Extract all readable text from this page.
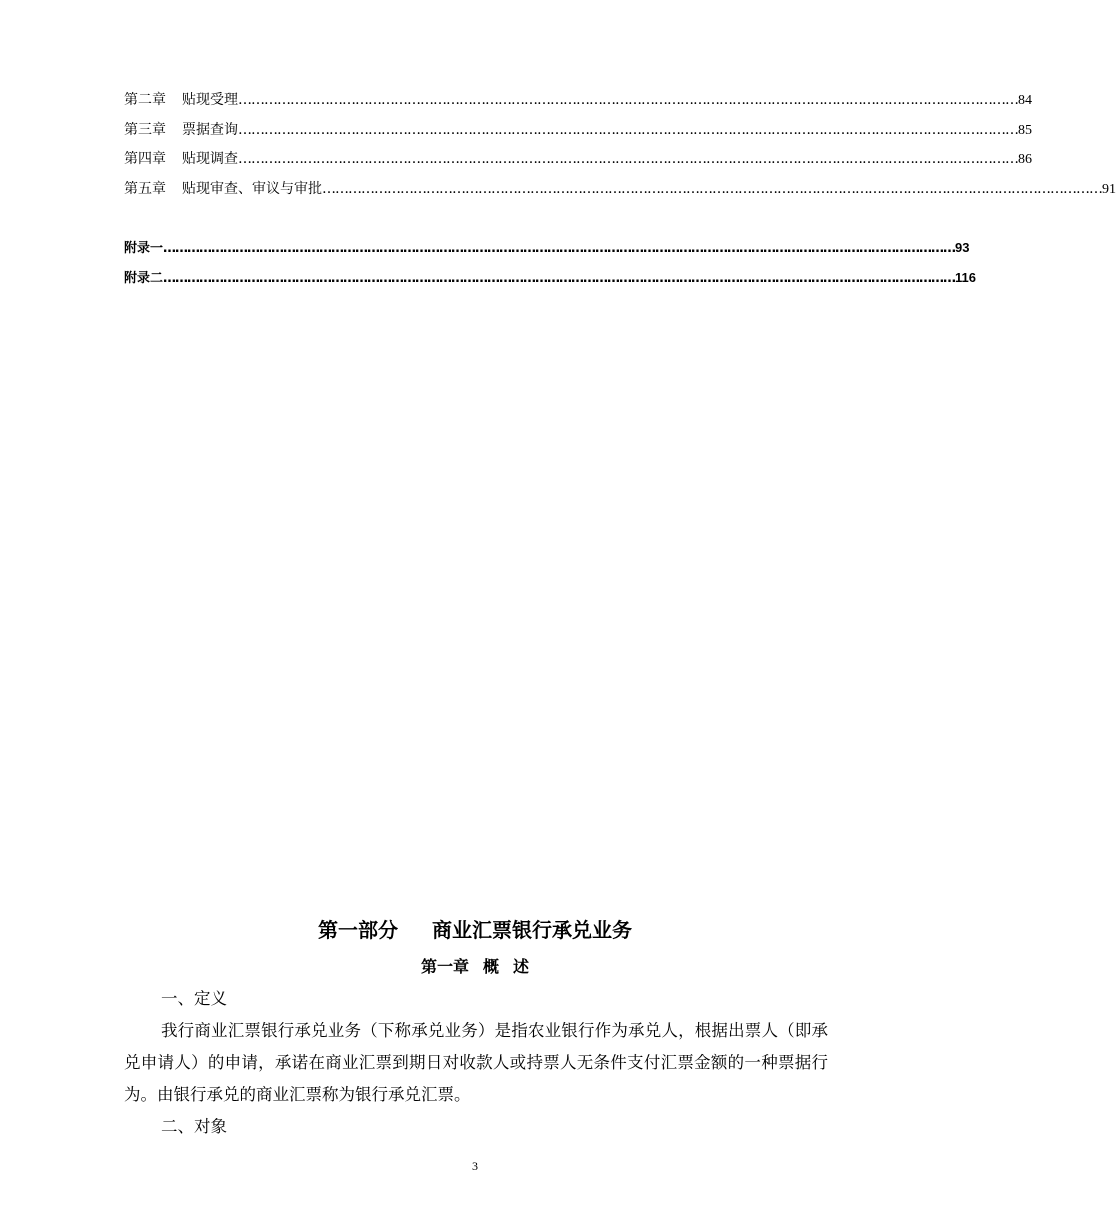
第二章 贴现受理 ……………………………………………………………………………………………………………………………………………………………… 84
第三章 票据查询 ……………………………………………………………………………………………………………………………………………………………… 85
第四章 贴现调查 ……………………………………………………………………………………………………………………………………………………………… 86
第五章 贴现审查、审议与审批 ……………………………………………………………………………………………………………………………………………………………… 91
附录一 ……………………………………………………………………………………………………………………………………………………………………………… 93
附录二 ……………………………………………………………………………………………………………………………………………………………………………… 116
第一部分 商业汇票银行承兑业务
第一章 概 述

一、定义

我行商业汇票银行承兑业务（下称承兑业务）是指农业银行作为承兑人，根据出票人（即承兑申请人）的申请，承诺在商业汇票到期日对收款人或持票人无条件支付汇票金额的一种票据行为。由银行承兑的商业汇票称为银行承兑汇票。

二、对象

3
